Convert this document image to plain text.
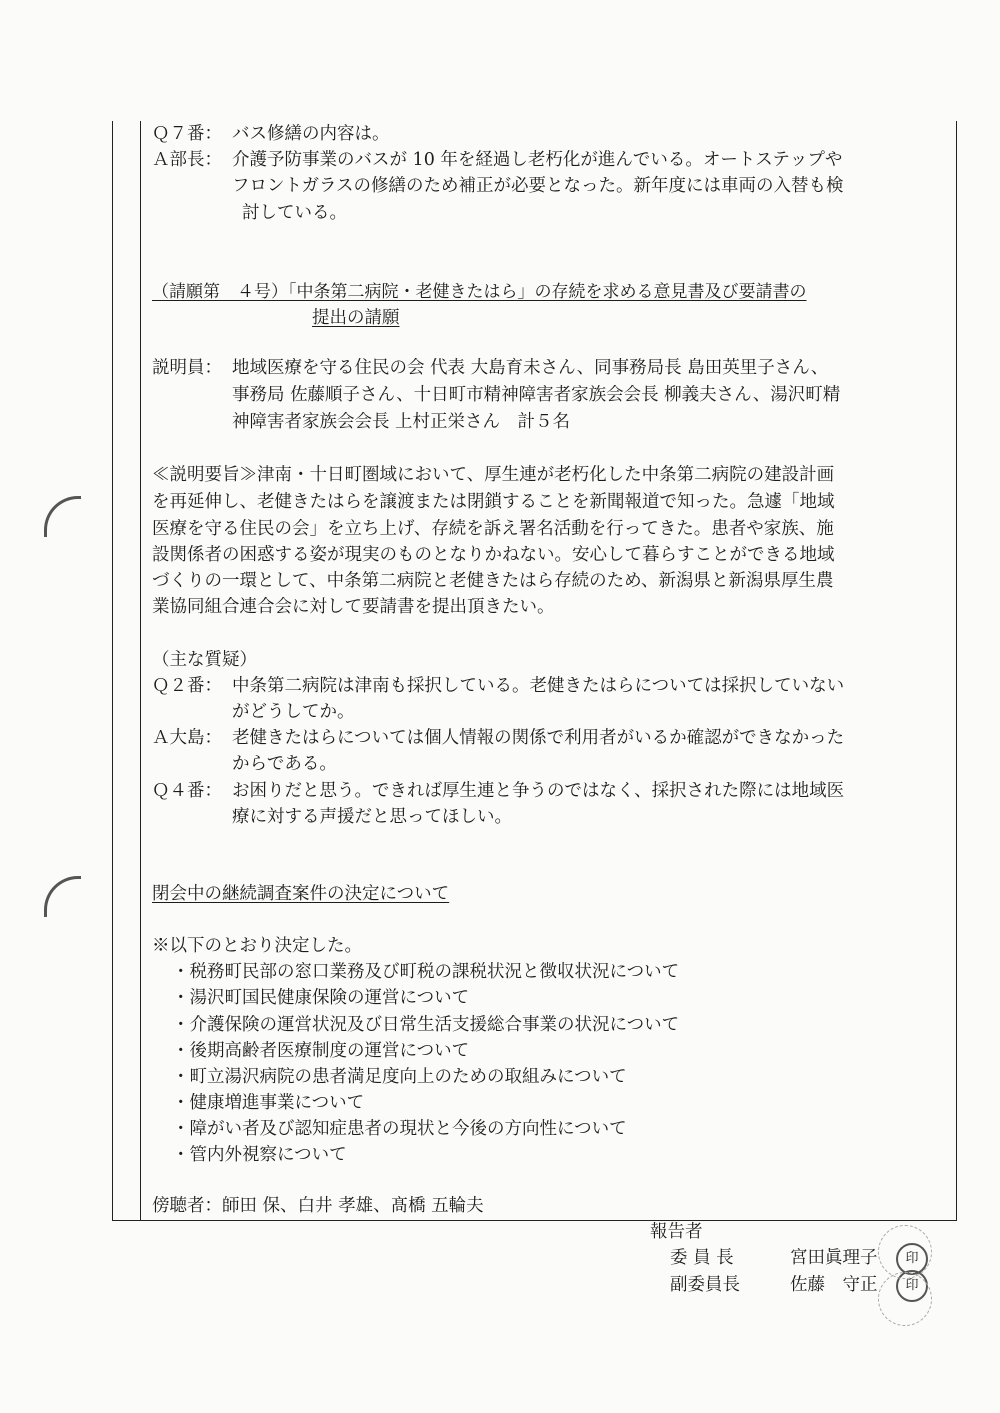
Ｑ７番： バス修繕の内容は。
Ａ部長： 介護予防事業のバスが 10 年を経過し老朽化が進んでいる。オートステップや
フロントガラスの修繕のため補正が必要となった。新年度には車両の入替も検
討している。
（請願第　４号）「中条第二病院・老健きたはら」の存続を求める意見書及び要請書の
提出の請願
説明員： 地域医療を守る住民の会 代表 大島育未さん、同事務局長 島田英里子さん、
事務局 佐藤順子さん、十日町市精神障害者家族会会長 柳義夫さん、湯沢町精
神障害者家族会会長 上村正栄さん　計５名
≪説明要旨≫津南・十日町圏域において、厚生連が老朽化した中条第二病院の建設計画
を再延伸し、老健きたはらを譲渡または閉鎖することを新聞報道で知った。急遽「地域
医療を守る住民の会」を立ち上げ、存続を訴え署名活動を行ってきた。患者や家族、施
設関係者の困惑する姿が現実のものとなりかねない。安心して暮らすことができる地域
づくりの一環として、中条第二病院と老健きたはら存続のため、新潟県と新潟県厚生農
業協同組合連合会に対して要請書を提出頂きたい。
（主な質疑）
Ｑ２番： 中条第二病院は津南も採択している。老健きたはらについては採択していない
がどうしてか。
Ａ大島： 老健きたはらについては個人情報の関係で利用者がいるか確認ができなかった
からである。
Ｑ４番： お困りだと思う。できれば厚生連と争うのではなく、採択された際には地域医
療に対する声援だと思ってほしい。
閉会中の継続調査案件の決定について
※以下のとおり決定した。
・税務町民部の窓口業務及び町税の課税状況と徴収状況について
・湯沢町国民健康保険の運営について
・介護保険の運営状況及び日常生活支援総合事業の状況について
・後期高齢者医療制度の運営について
・町立湯沢病院の患者満足度向上のための取組みについて
・健康増進事業について
・障がい者及び認知症患者の現状と今後の方向性について
・管内外視察について
傍聴者：師田 保、白井 孝雄、髙橋 五輪夫
報告者
委 員 長	宮田眞理子	印
副委員長	佐藤　守正	印
